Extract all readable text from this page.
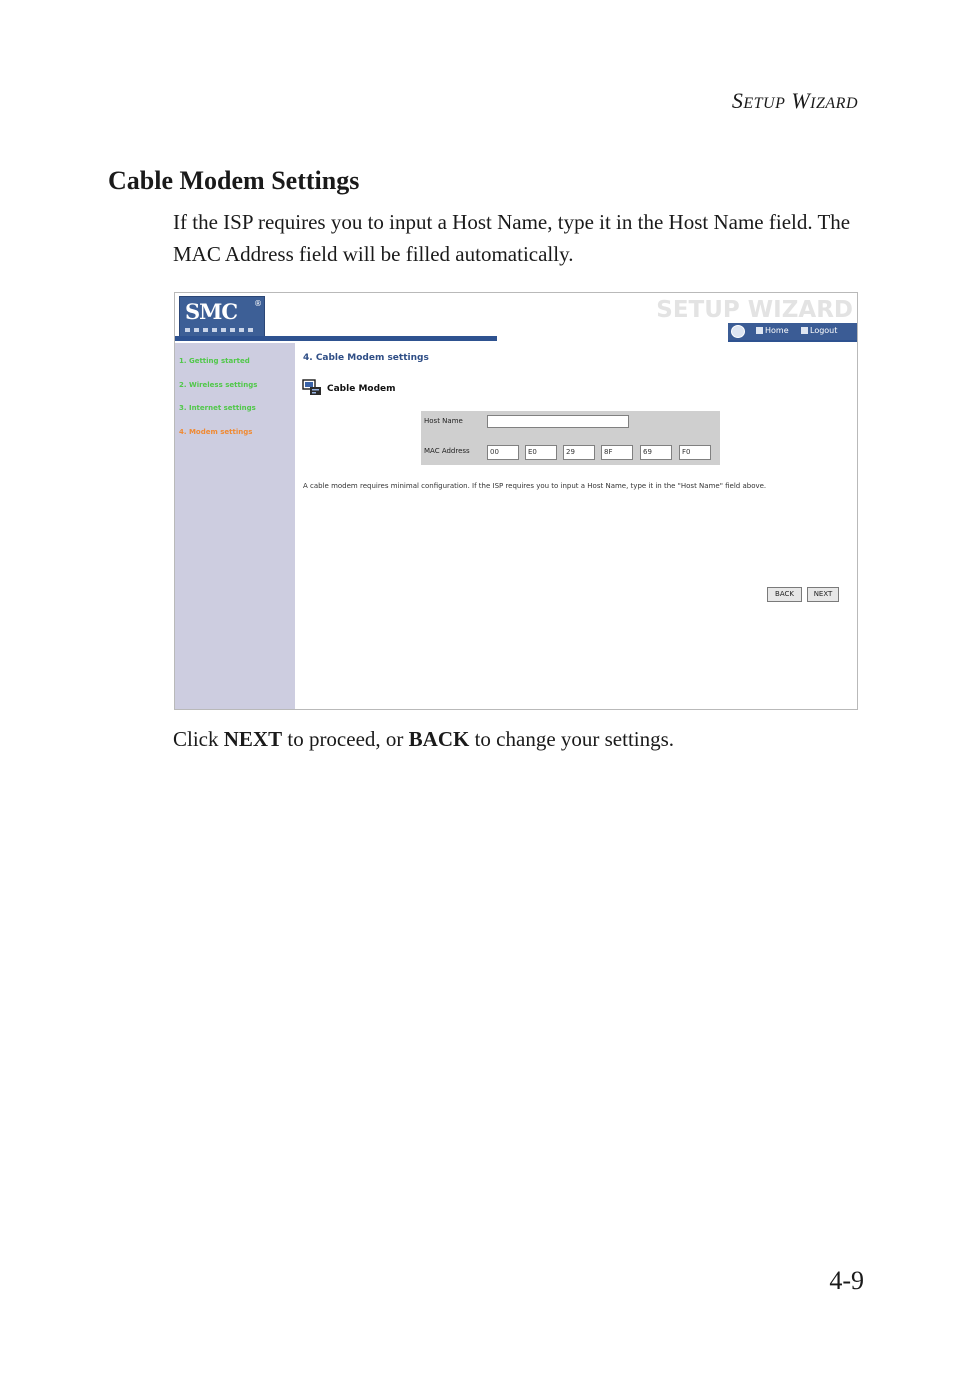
SETUP WIZARD
Cable Modem Settings

If the ISP requires you to input a Host Name, type it in the Host Name field. The MAC Address field will be filled automatically.

SMC ®	SETUP WIZARD
Home	Logout
1. Getting started
2. Wireless settings
3. Internet settings
4. Modem settings
4. Cable Modem settings
Cable Modem
Host Name
MAC Address	00	E0	29	8F	69	F0
A cable modem requires minimal configuration. If the ISP requires you to input a Host Name, type it in the "Host Name" field above.
BACK	NEXT

Click NEXT to proceed, or BACK to change your settings.

4-9
